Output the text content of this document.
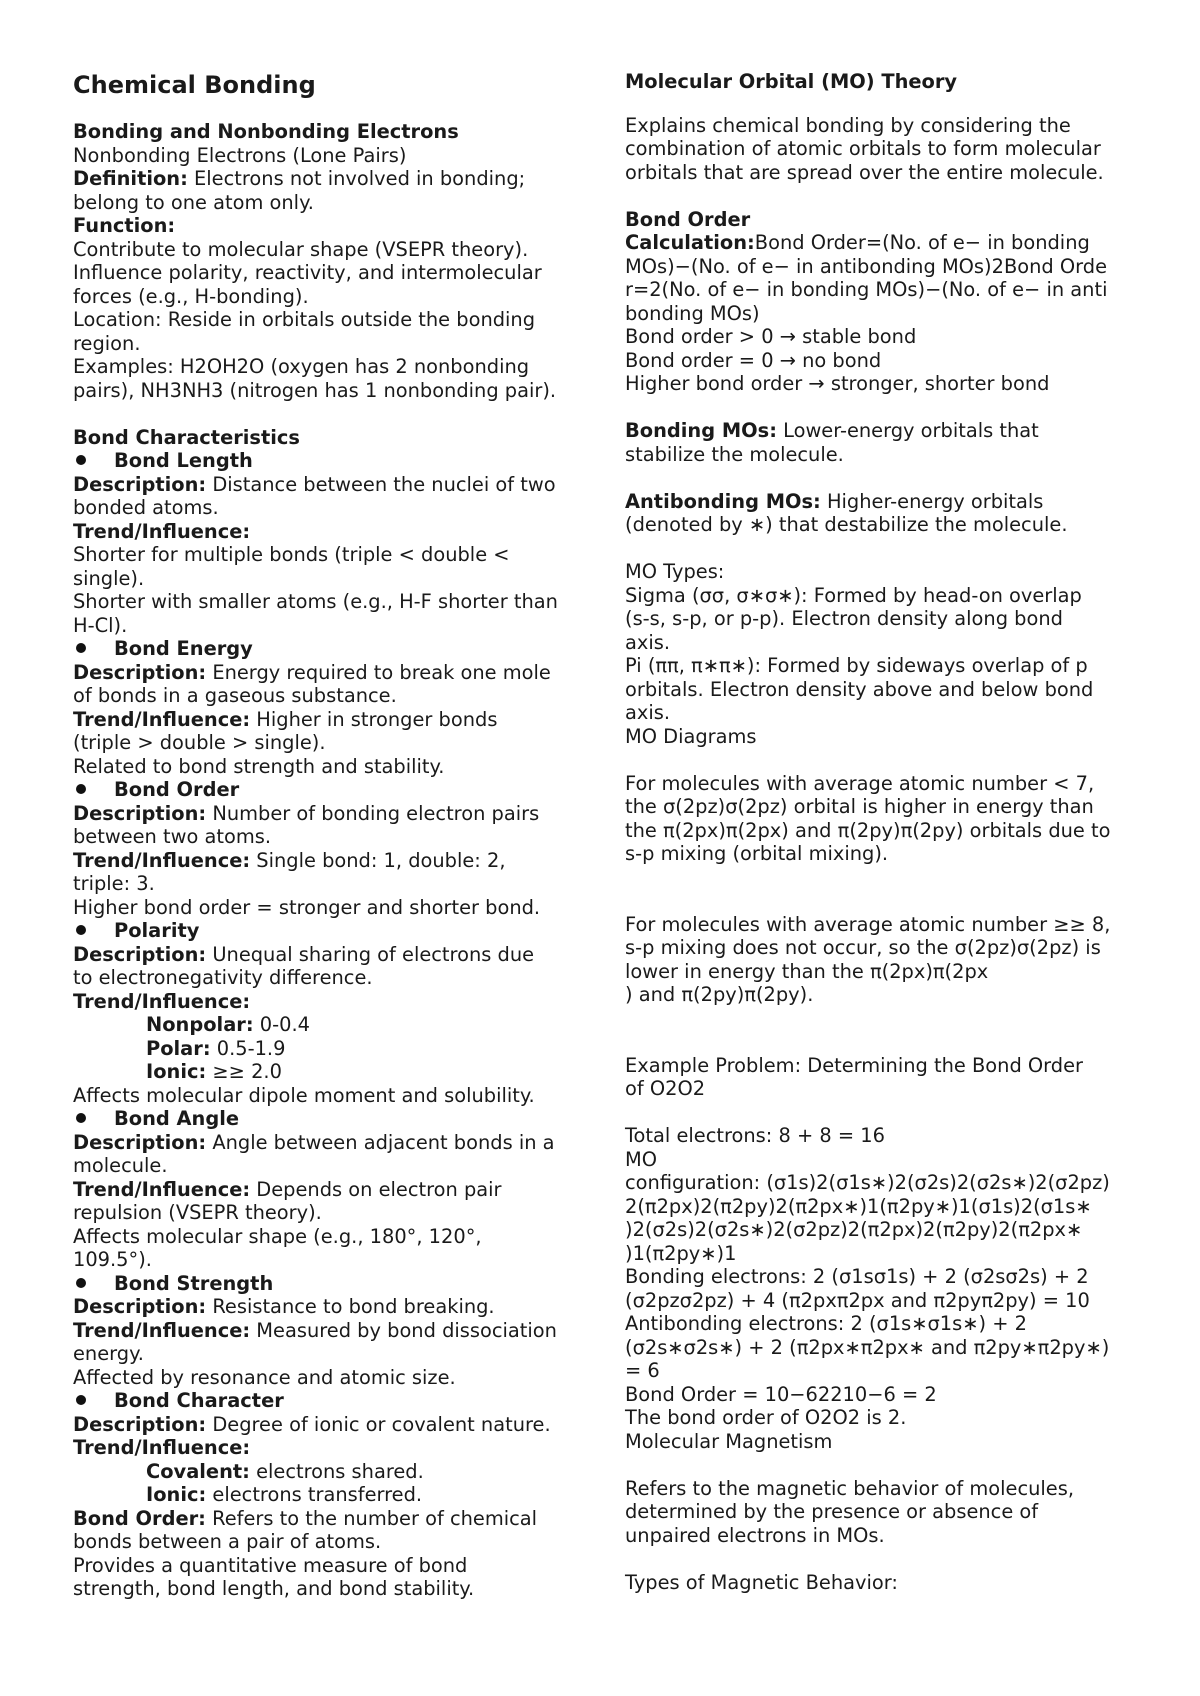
Chemical Bonding
Bonding and Nonbonding Electrons
Nonbonding Electrons (Lone Pairs)
Definition: Electrons not involved in bonding;
belong to one atom only.
Function:
Contribute to molecular shape (VSEPR theory).
Influence polarity, reactivity, and intermolecular
forces (e.g., H-bonding).
Location: Reside in orbitals outside the bonding
region.
Examples: H2OH2O (oxygen has 2 nonbonding
pairs), NH3NH3 (nitrogen has 1 nonbonding pair).
Bond Characteristics
Bond Length
Description: Distance between the nuclei of two
bonded atoms.
Trend/Influence:
Shorter for multiple bonds (triple < double <
single).
Shorter with smaller atoms (e.g., H-F shorter than
H-Cl).
Bond Energy
Description: Energy required to break one mole
of bonds in a gaseous substance.
Trend/Influence: Higher in stronger bonds
(triple > double > single).
Related to bond strength and stability.
Bond Order
Description: Number of bonding electron pairs
between two atoms.
Trend/Influence: Single bond: 1, double: 2,
triple: 3.
Higher bond order = stronger and shorter bond.
Polarity
Description: Unequal sharing of electrons due
to electronegativity difference.
Trend/Influence:
Nonpolar: 0-0.4
Polar: 0.5-1.9
Ionic: ≥≥ 2.0
Affects molecular dipole moment and solubility.
Bond Angle
Description: Angle between adjacent bonds in a
molecule.
Trend/Influence: Depends on electron pair
repulsion (VSEPR theory).
Affects molecular shape (e.g., 180°, 120°,
109.5°).
Bond Strength
Description: Resistance to bond breaking.
Trend/Influence: Measured by bond dissociation
energy.
Affected by resonance and atomic size.
Bond Character
Description: Degree of ionic or covalent nature.
Trend/Influence:
Covalent: electrons shared.
Ionic: electrons transferred.
Bond Order: Refers to the number of chemical
bonds between a pair of atoms.
Provides a quantitative measure of bond
strength, bond length, and bond stability.
Molecular Orbital (MO) Theory
Explains chemical bonding by considering the
combination of atomic orbitals to form molecular
orbitals that are spread over the entire molecule.
Bond Order
Calculation:Bond Order=(No. of e− in bonding
MOs)−(No. of e− in antibonding MOs)2Bond Orde
r=2(No. of e− in bonding MOs)−(No. of e− in anti
bonding MOs)
Bond order > 0 → stable bond
Bond order = 0 → no bond
Higher bond order → stronger, shorter bond
Bonding MOs: Lower-energy orbitals that
stabilize the molecule.
Antibonding MOs: Higher-energy orbitals
(denoted by ∗) that destabilize the molecule.
MO Types:
Sigma (σσ, σ∗σ∗): Formed by head-on overlap
(s-s, s-p, or p-p). Electron density along bond
axis.
Pi (ππ, π∗π∗): Formed by sideways overlap of p
orbitals. Electron density above and below bond
axis.
MO Diagrams
For molecules with average atomic number < 7,
the σ(2pz)σ(2pz) orbital is higher in energy than
the π(2px)π(2px) and π(2py)π(2py) orbitals due to
s-p mixing (orbital mixing).
For molecules with average atomic number ≥≥ 8,
s-p mixing does not occur, so the σ(2pz)σ(2pz) is
lower in energy than the π(2px)π(2px
) and π(2py)π(2py).
Example Problem: Determining the Bond Order
of O2O2
Total electrons: 8 + 8 = 16
MO
configuration: (σ1s)2(σ1s∗)2(σ2s)2(σ2s∗)2(σ2pz)
2(π2px)2(π2py)2(π2px∗)1(π2py∗)1(σ1s)2(σ1s∗
)2(σ2s)2(σ2s∗)2(σ2pz)2(π2px)2(π2py)2(π2px∗
)1(π2py∗)1
Bonding electrons: 2 (σ1sσ1s) + 2 (σ2sσ2s) + 2
(σ2pzσ2pz) + 4 (π2pxπ2px and π2pyπ2py) = 10
Antibonding electrons: 2 (σ1s∗σ1s∗) + 2
(σ2s∗σ2s∗) + 2 (π2px∗π2px∗ and π2py∗π2py∗)
= 6
Bond Order = 10−62210−6 = 2
The bond order of O2O2 is 2.
Molecular Magnetism
Refers to the magnetic behavior of molecules,
determined by the presence or absence of
unpaired electrons in MOs.
Types of Magnetic Behavior:
